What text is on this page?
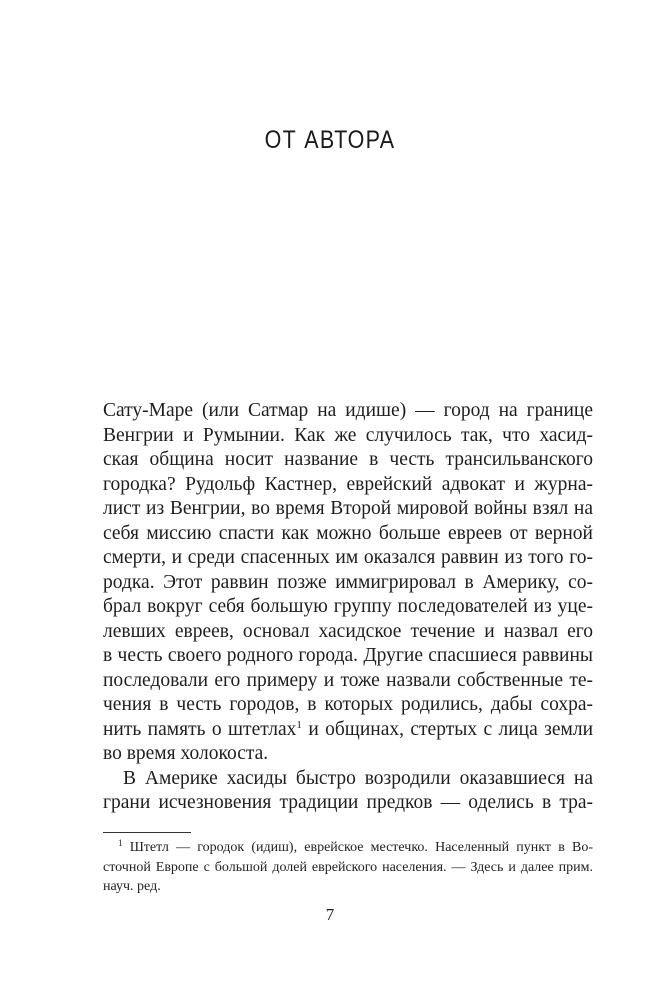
ОТ АВТОРА
Сату-Маре (или Сатмар на идише) — город на границе
Венгрии и Румынии. Как же случилось так, что хасид-
ская община носит название в честь трансильванского
городка? Рудольф Кастнер, еврейский адвокат и журна-
лист из Венгрии, во время Второй мировой войны взял на
себя миссию спасти как можно больше евреев от верной
смерти, и среди спасенных им оказался раввин из того го-
родка. Этот раввин позже иммигрировал в Америку, со-
брал вокруг себя большую группу последователей из уце-
левших евреев, основал хасидское течение и назвал его
в честь своего родного города. Другие спасшиеся раввины
последовали его примеру и тоже назвали собственные те-
чения в честь городов, в которых родились, дабы сохра-
нить память о штетлах$^1$ и общинах, стертых с лица земли
во время холокоста.
В Америке хасиды быстро возродили оказавшиеся на
грани исчезновения традиции предков — оделись в тра-
$^1$ Штетл — городок (идиш), еврейское местечко. Населенный пункт в Во-
сточной Европе с большой долей еврейского населения. — Здесь и далее прим.
науч. ред.
7
